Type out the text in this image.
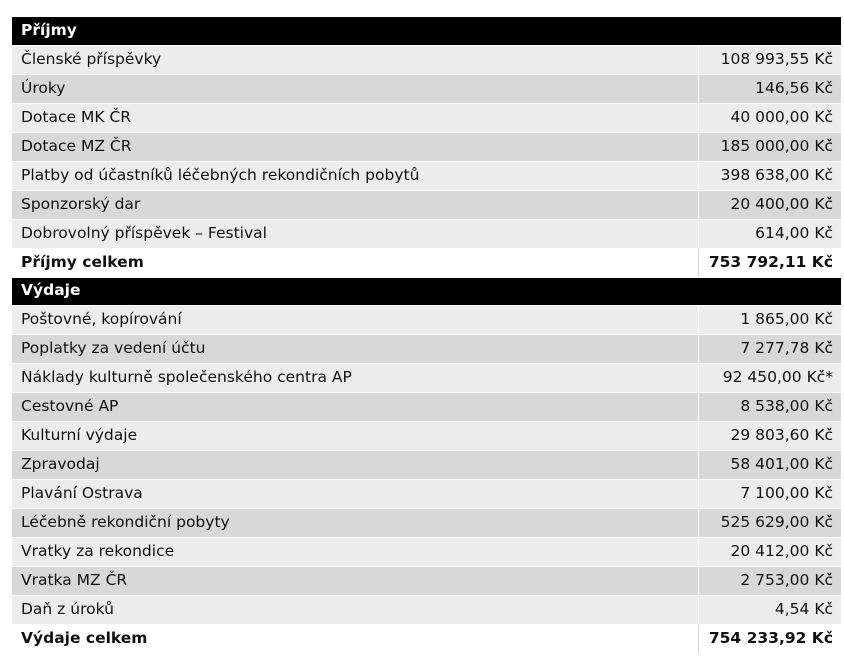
Příjmy	
Členské příspěvky	108 993,55 Kč
Úroky	146,56 Kč
Dotace MK ČR	40 000,00 Kč
Dotace MZ ČR	185 000,00 Kč
Platby od účastníků léčebných rekondičních pobytů	398 638,00 Kč
Sponzorský dar	20 400,00 Kč
Dobrovolný příspěvek – Festival	614,00 Kč
Příjmy celkem	753 792,11 Kč
Výdaje	
Poštovné, kopírování	1 865,00 Kč
Poplatky za vedení účtu	7 277,78 Kč
Náklady kulturně společenského centra AP	92 450,00 Kč*
Cestovné AP	8 538,00 Kč
Kulturní výdaje	29 803,60 Kč
Zpravodaj	58 401,00 Kč
Plavání Ostrava	7 100,00 Kč
Léčebně rekondiční pobyty	525 629,00 Kč
Vratky za rekondice	20 412,00 Kč
Vratka MZ ČR	2 753,00 Kč
Daň z úroků	4,54 Kč
Výdaje celkem	754 233,92 Kč
